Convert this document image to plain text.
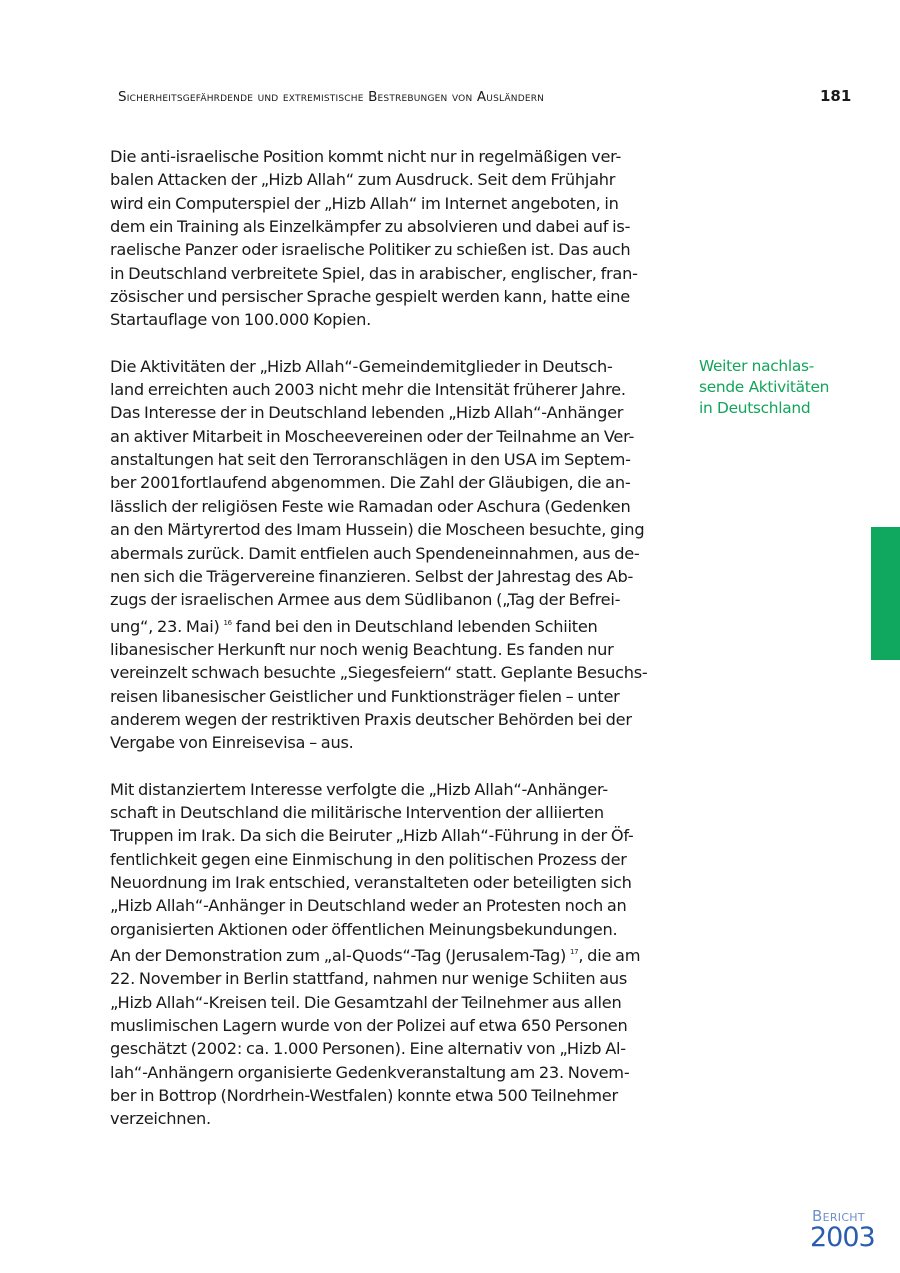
Sicherheitsgefährdende und extremistische Bestrebungen von Ausländern	181
Weiter nachlas-
sende Aktivitäten
in Deutschland

Die anti-israelische Position kommt nicht nur in regelmäßigen ver-
balen Attacken der „Hizb Allah“ zum Ausdruck. Seit dem Frühjahr
wird ein Computerspiel der „Hizb Allah“ im Internet angeboten, in
dem ein Training als Einzelkämpfer zu absolvieren und dabei auf is-
raelische Panzer oder israelische Politiker zu schießen ist. Das auch
in Deutschland verbreitete Spiel, das in arabischer, englischer, fran-
zösischer und persischer Sprache gespielt werden kann, hatte eine
Startauflage von 100.000 Kopien.

Die Aktivitäten der „Hizb Allah“-Gemeindemitglieder in Deutsch-
land erreichten auch 2003 nicht mehr die Intensität früherer Jahre.
Das Interesse der in Deutschland lebenden „Hizb Allah“-Anhänger
an aktiver Mitarbeit in Moscheevereinen oder der Teilnahme an Ver-
anstaltungen hat seit den Terroranschlägen in den USA im Septem-
ber 2001fortlaufend abgenommen. Die Zahl der Gläubigen, die an-
lässlich der religiösen Feste wie Ramadan oder Aschura (Gedenken
an den Märtyrertod des Imam Hussein) die Moscheen besuchte, ging
abermals zurück. Damit entfielen auch Spendeneinnahmen, aus de-
nen sich die Trägervereine finanzieren. Selbst der Jahrestag des Ab-
zugs der israelischen Armee aus dem Südlibanon („Tag der Befrei-
ung“, 23. Mai) $^{16}$ fand bei den in Deutschland lebenden Schiiten
libanesischer Herkunft nur noch wenig Beachtung. Es fanden nur
vereinzelt schwach besuchte „Siegesfeiern“ statt. Geplante Besuchs-
reisen libanesischer Geistlicher und Funktionsträger fielen – unter
anderem wegen der restriktiven Praxis deutscher Behörden bei der
Vergabe von Einreisevisa – aus.

Mit distanziertem Interesse verfolgte die „Hizb Allah“-Anhänger-
schaft in Deutschland die militärische Intervention der alliierten
Truppen im Irak. Da sich die Beiruter „Hizb Allah“-Führung in der Öf-
fentlichkeit gegen eine Einmischung in den politischen Prozess der
Neuordnung im Irak entschied, veranstalteten oder beteiligten sich
„Hizb Allah“-Anhänger in Deutschland weder an Protesten noch an
organisierten Aktionen oder öffentlichen Meinungsbekundungen.
An der Demonstration zum „al-Quods“-Tag (Jerusalem-Tag) $^{17}$, die am
22. November in Berlin stattfand, nahmen nur wenige Schiiten aus
„Hizb Allah“-Kreisen teil. Die Gesamtzahl der Teilnehmer aus allen
muslimischen Lagern wurde von der Polizei auf etwa 650 Personen
geschätzt (2002: ca. 1.000 Personen). Eine alternativ von „Hizb Al-
lah“-Anhängern organisierte Gedenkveranstaltung am 23. Novem-
ber in Bottrop (Nordrhein-Westfalen) konnte etwa 500 Teilnehmer
verzeichnen.

Bericht
2003
